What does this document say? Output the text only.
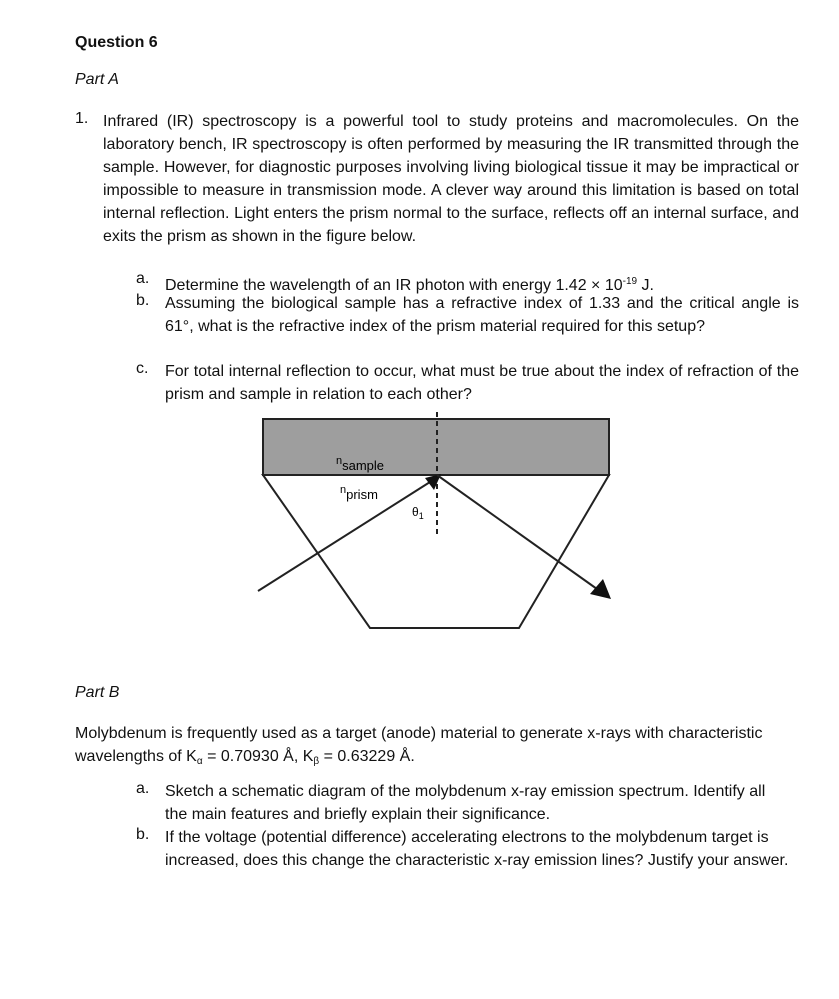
Question 6
Part A
1. Infrared (IR) spectroscopy is a powerful tool to study proteins and macromolecules. On the laboratory bench, IR spectroscopy is often performed by measuring the IR transmitted through the sample. However, for diagnostic purposes involving living biological tissue it may be impractical or impossible to measure in transmission mode. A clever way around this limitation is based on total internal reflection. Light enters the prism normal to the surface, reflects off an internal surface, and exits the prism as shown in the figure below.
a. Determine the wavelength of an IR photon with energy $1.42 \times 10^{-19}$ J.
b. Assuming the biological sample has a refractive index of 1.33 and the critical angle is 61°, what is the refractive index of the prism material required for this setup?
c.	For total internal reflection to occur, what must be true about the index of refraction of the prism and sample in relation to each other?
$^n$sample
$^n$prism
$\theta_1$
Part B
Molybdenum is frequently used as a target (anode) material to generate x-rays with characteristic wavelengths of $K_\alpha = 0.70930$ Å, $K_\beta = 0.63229$ Å.
a. Sketch a schematic diagram of the molybdenum x-ray emission spectrum. Identify all the main features and briefly explain their significance.
b. If the voltage (potential difference) accelerating electrons to the molybdenum target is increased, does this change the characteristic x-ray emission lines? Justify your answer.
